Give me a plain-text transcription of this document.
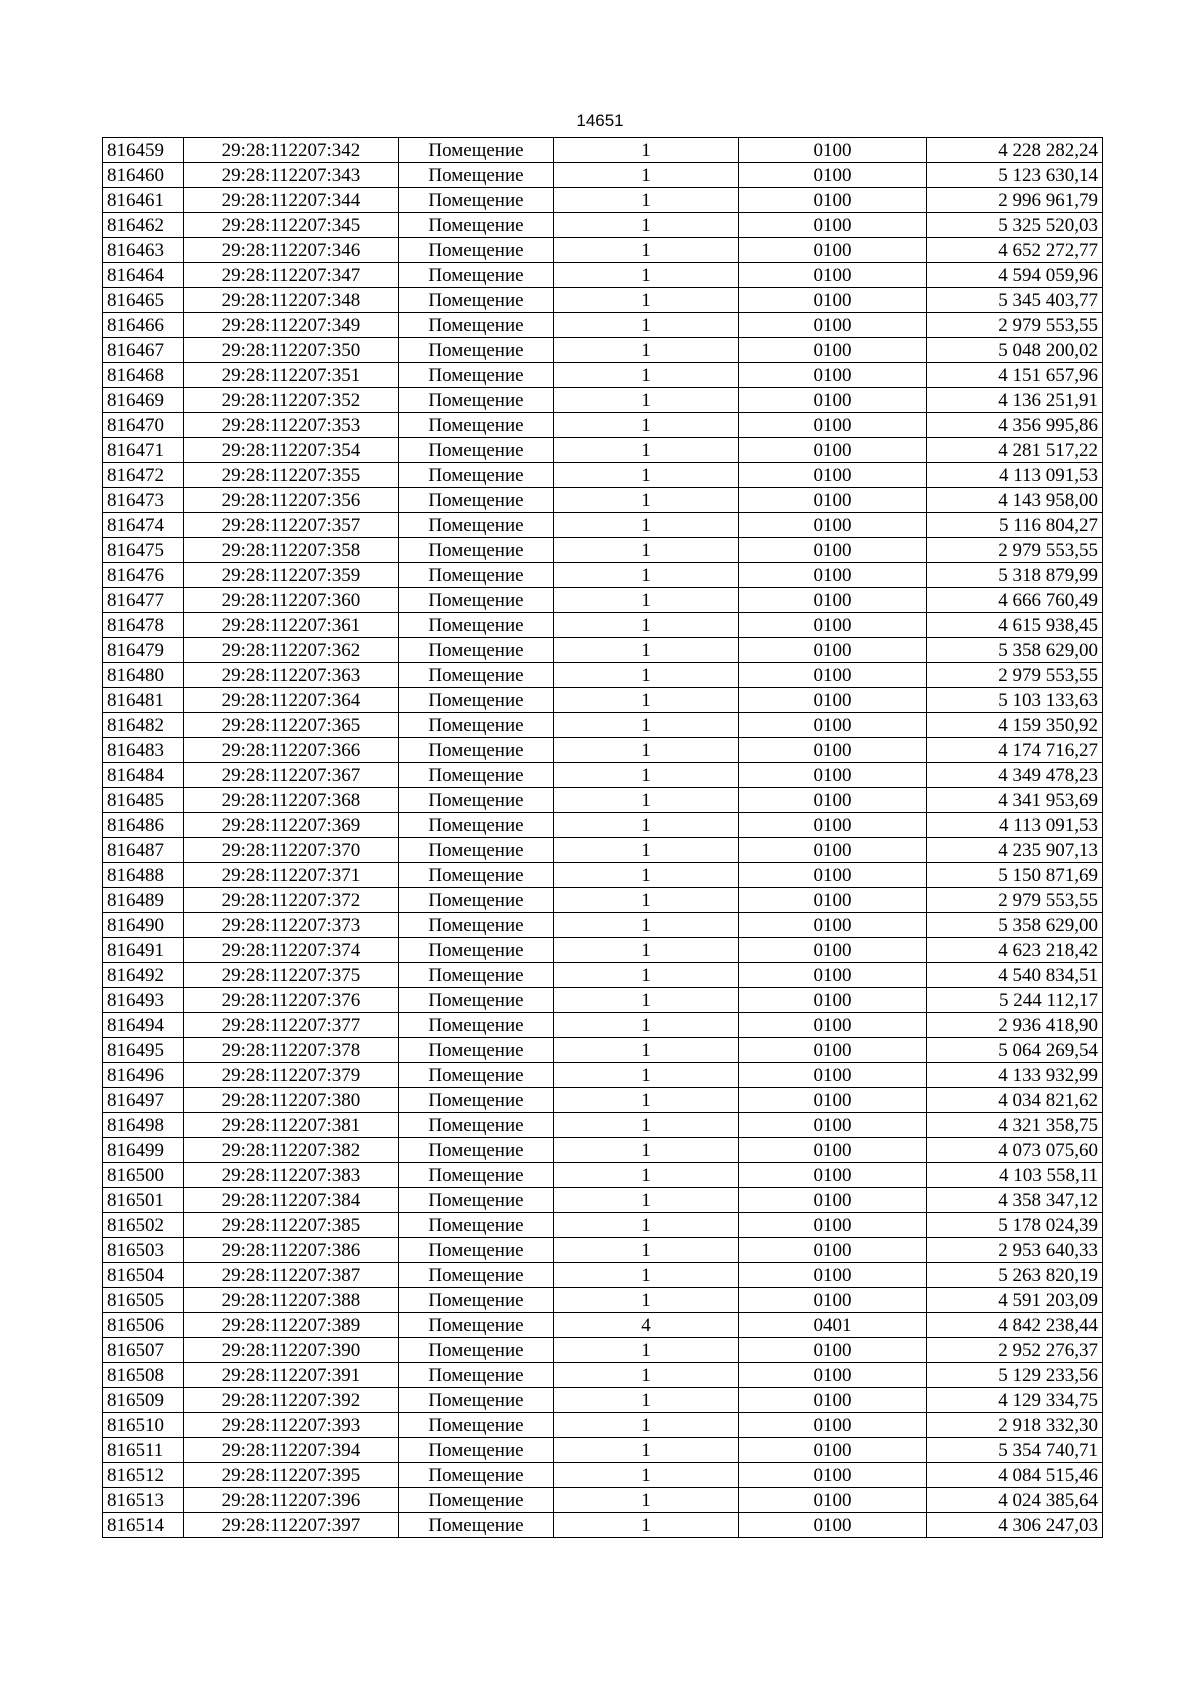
14651
816459	29:28:112207:342	Помещение	1	0100	4 228 282,24
816460	29:28:112207:343	Помещение	1	0100	5 123 630,14
816461	29:28:112207:344	Помещение	1	0100	2 996 961,79
816462	29:28:112207:345	Помещение	1	0100	5 325 520,03
816463	29:28:112207:346	Помещение	1	0100	4 652 272,77
816464	29:28:112207:347	Помещение	1	0100	4 594 059,96
816465	29:28:112207:348	Помещение	1	0100	5 345 403,77
816466	29:28:112207:349	Помещение	1	0100	2 979 553,55
816467	29:28:112207:350	Помещение	1	0100	5 048 200,02
816468	29:28:112207:351	Помещение	1	0100	4 151 657,96
816469	29:28:112207:352	Помещение	1	0100	4 136 251,91
816470	29:28:112207:353	Помещение	1	0100	4 356 995,86
816471	29:28:112207:354	Помещение	1	0100	4 281 517,22
816472	29:28:112207:355	Помещение	1	0100	4 113 091,53
816473	29:28:112207:356	Помещение	1	0100	4 143 958,00
816474	29:28:112207:357	Помещение	1	0100	5 116 804,27
816475	29:28:112207:358	Помещение	1	0100	2 979 553,55
816476	29:28:112207:359	Помещение	1	0100	5 318 879,99
816477	29:28:112207:360	Помещение	1	0100	4 666 760,49
816478	29:28:112207:361	Помещение	1	0100	4 615 938,45
816479	29:28:112207:362	Помещение	1	0100	5 358 629,00
816480	29:28:112207:363	Помещение	1	0100	2 979 553,55
816481	29:28:112207:364	Помещение	1	0100	5 103 133,63
816482	29:28:112207:365	Помещение	1	0100	4 159 350,92
816483	29:28:112207:366	Помещение	1	0100	4 174 716,27
816484	29:28:112207:367	Помещение	1	0100	4 349 478,23
816485	29:28:112207:368	Помещение	1	0100	4 341 953,69
816486	29:28:112207:369	Помещение	1	0100	4 113 091,53
816487	29:28:112207:370	Помещение	1	0100	4 235 907,13
816488	29:28:112207:371	Помещение	1	0100	5 150 871,69
816489	29:28:112207:372	Помещение	1	0100	2 979 553,55
816490	29:28:112207:373	Помещение	1	0100	5 358 629,00
816491	29:28:112207:374	Помещение	1	0100	4 623 218,42
816492	29:28:112207:375	Помещение	1	0100	4 540 834,51
816493	29:28:112207:376	Помещение	1	0100	5 244 112,17
816494	29:28:112207:377	Помещение	1	0100	2 936 418,90
816495	29:28:112207:378	Помещение	1	0100	5 064 269,54
816496	29:28:112207:379	Помещение	1	0100	4 133 932,99
816497	29:28:112207:380	Помещение	1	0100	4 034 821,62
816498	29:28:112207:381	Помещение	1	0100	4 321 358,75
816499	29:28:112207:382	Помещение	1	0100	4 073 075,60
816500	29:28:112207:383	Помещение	1	0100	4 103 558,11
816501	29:28:112207:384	Помещение	1	0100	4 358 347,12
816502	29:28:112207:385	Помещение	1	0100	5 178 024,39
816503	29:28:112207:386	Помещение	1	0100	2 953 640,33
816504	29:28:112207:387	Помещение	1	0100	5 263 820,19
816505	29:28:112207:388	Помещение	1	0100	4 591 203,09
816506	29:28:112207:389	Помещение	4	0401	4 842 238,44
816507	29:28:112207:390	Помещение	1	0100	2 952 276,37
816508	29:28:112207:391	Помещение	1	0100	5 129 233,56
816509	29:28:112207:392	Помещение	1	0100	4 129 334,75
816510	29:28:112207:393	Помещение	1	0100	2 918 332,30
816511	29:28:112207:394	Помещение	1	0100	5 354 740,71
816512	29:28:112207:395	Помещение	1	0100	4 084 515,46
816513	29:28:112207:396	Помещение	1	0100	4 024 385,64
816514	29:28:112207:397	Помещение	1	0100	4 306 247,03
